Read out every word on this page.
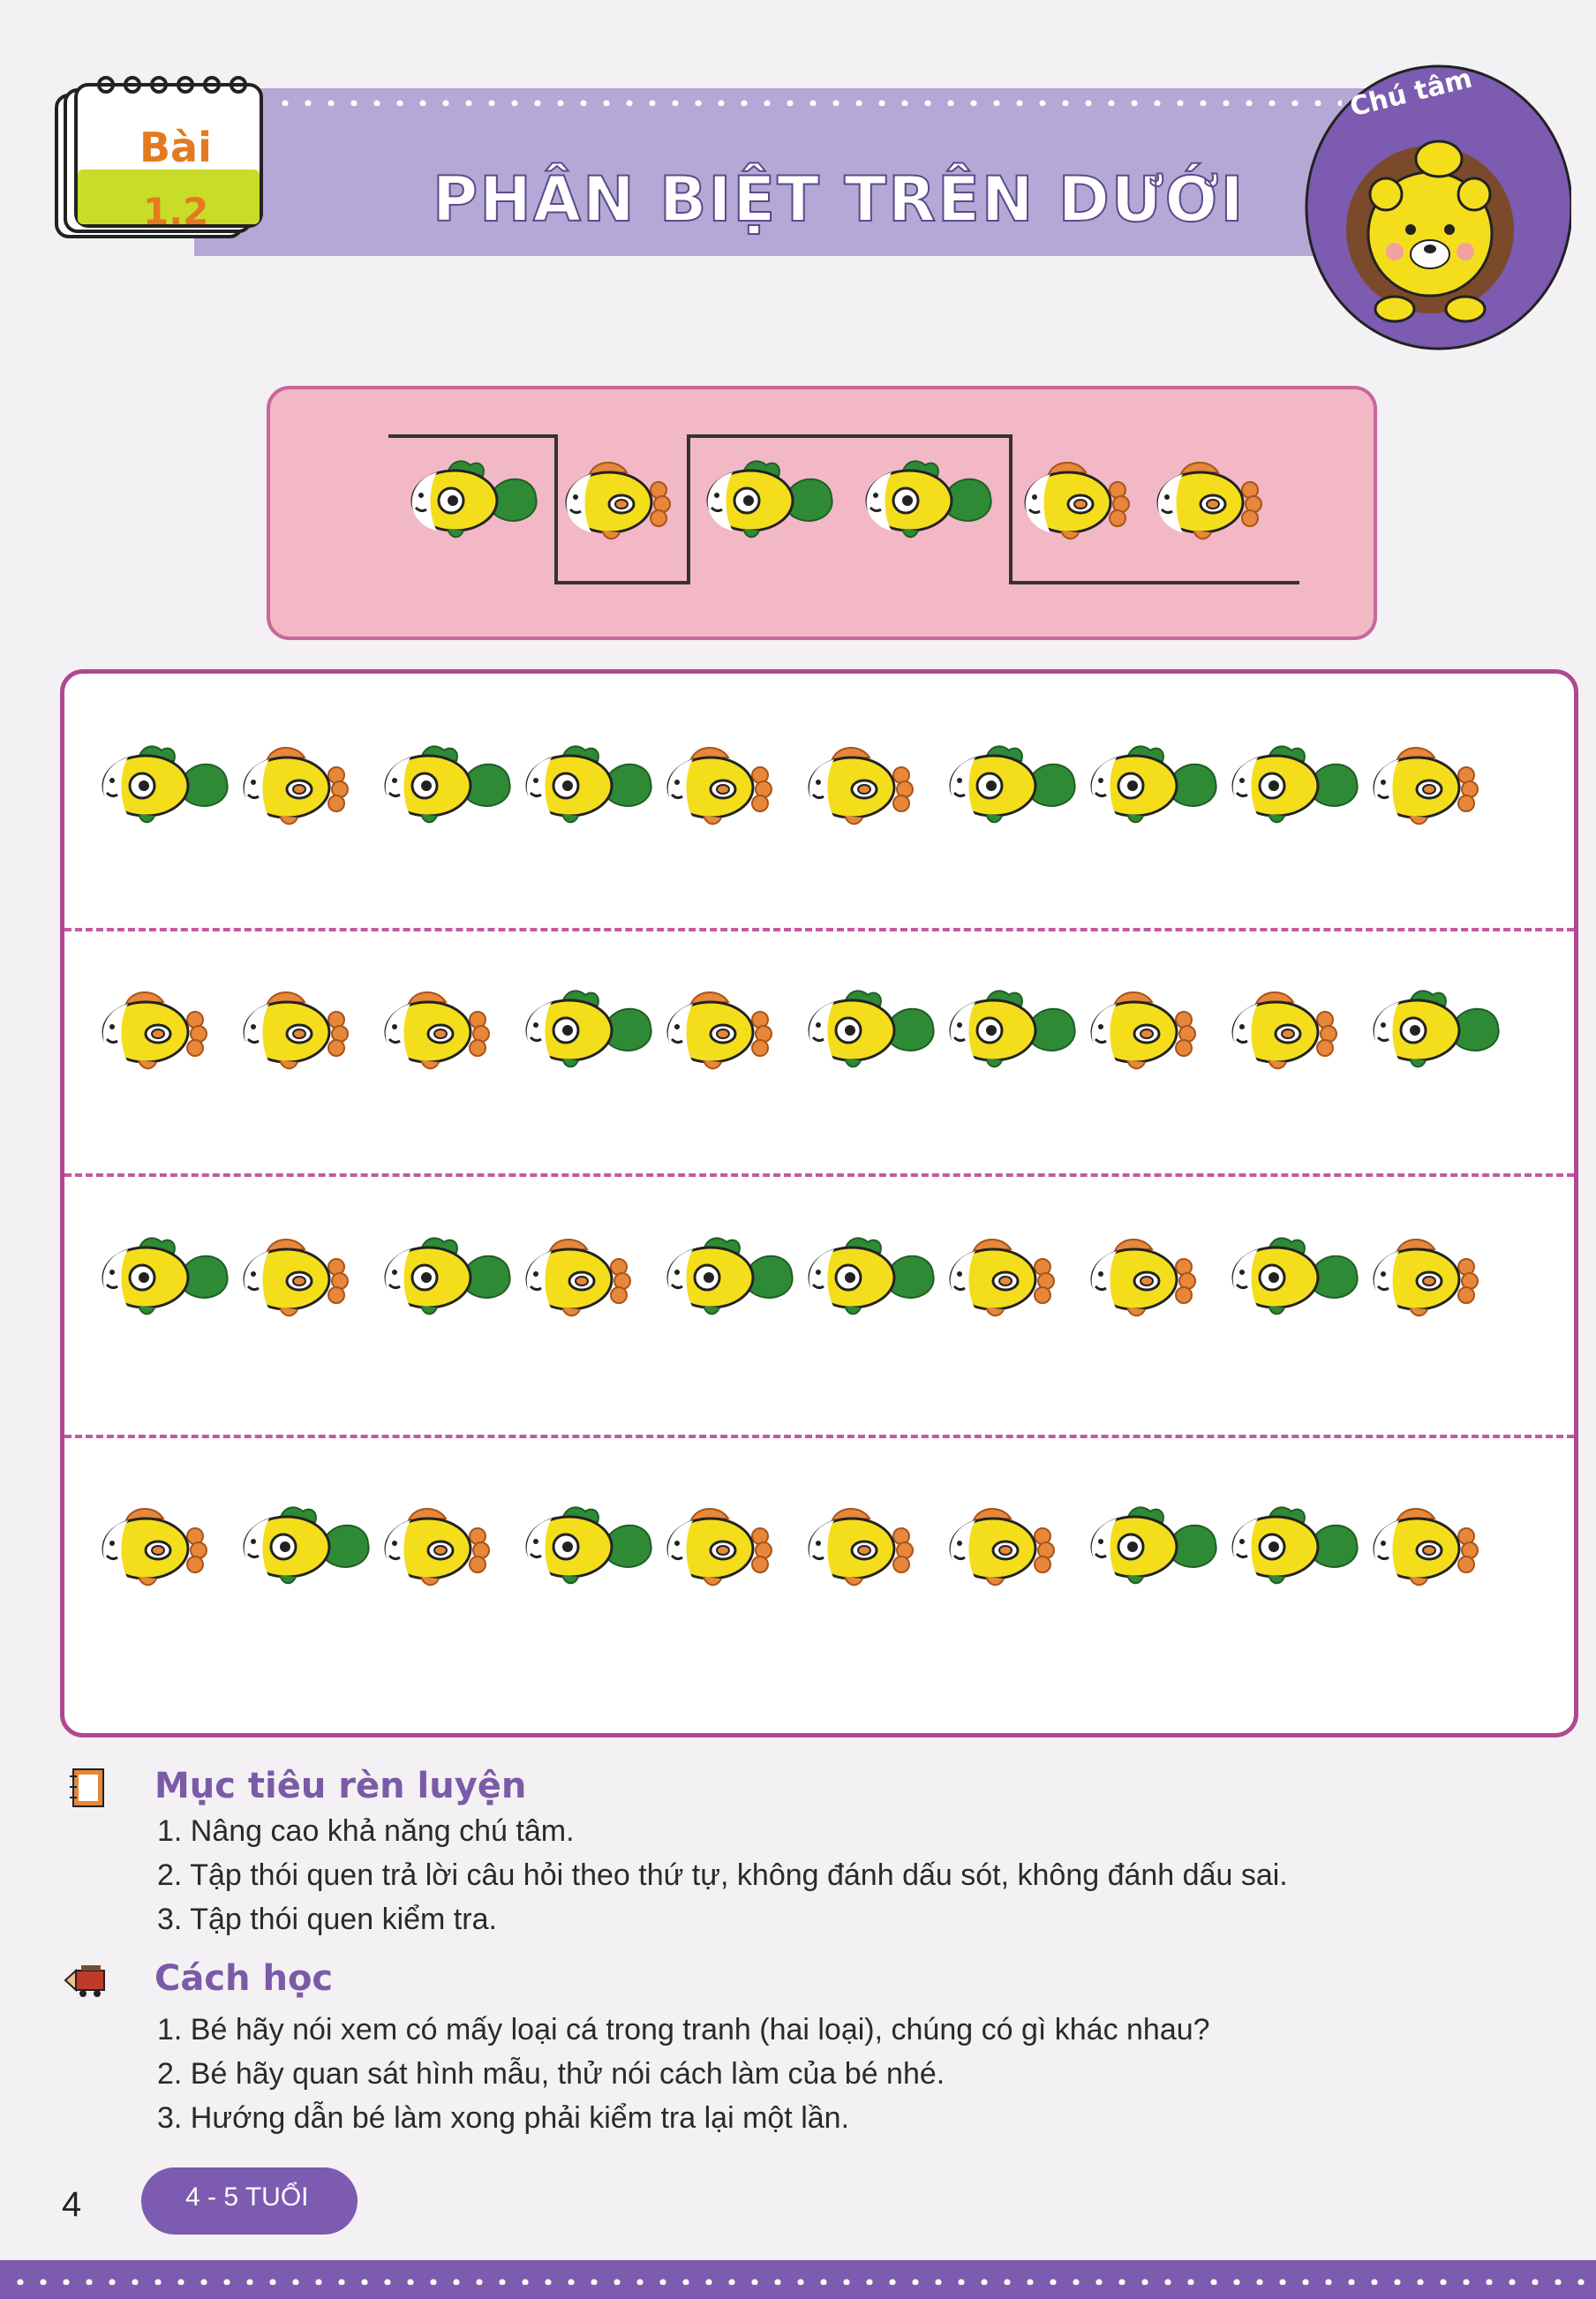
Bài
1.2	PHÂN BIỆT TRÊN DƯỚI
Chú tâm
Mục tiêu rèn luyện
1. Nâng cao khả năng chú tâm.
2. Tập thói quen trả lời câu hỏi theo thứ tự, không đánh dấu sót, không đánh dấu sai.
3. Tập thói quen kiểm tra.
Cách học
1. Bé hãy nói xem có mấy loại cá trong tranh (hai loại), chúng có gì khác nhau?
2. Bé hãy quan sát hình mẫu, thử nói cách làm của bé nhé.
3. Hướng dẫn bé làm xong phải kiểm tra lại một lần.
4	4 - 5 TUỔI
